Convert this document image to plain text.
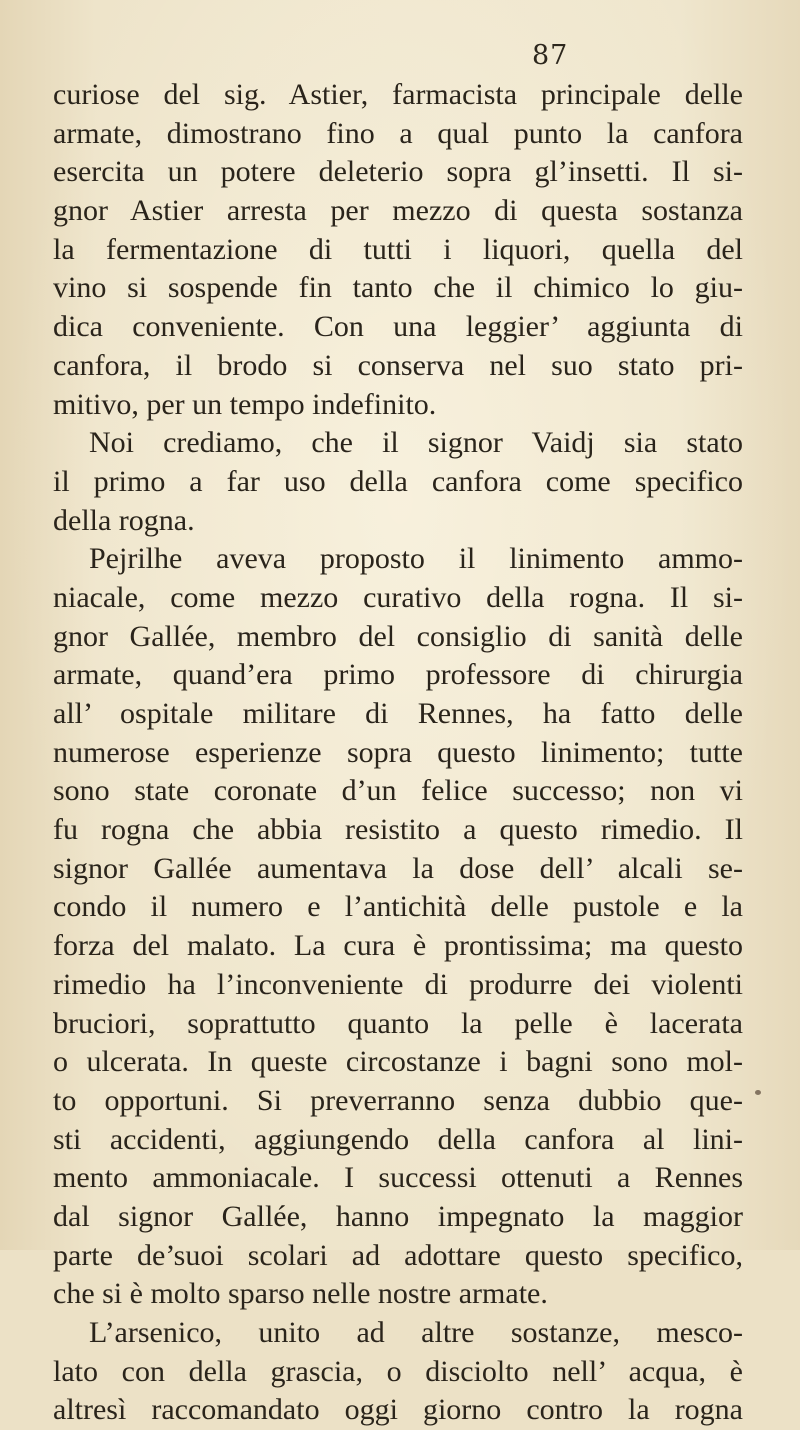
87
curiose del sig. Astier, farmacista principale delle
armate, dimostrano fino a qual punto la canfora
esercita un potere deleterio sopra gl’insetti. Il si-
gnor Astier arresta per mezzo di questa sostanza
la fermentazione di tutti i liquori, quella del
vino si sospende fin tanto che il chimico lo giu-
dica conveniente. Con una leggier’ aggiunta di
canfora, il brodo si conserva nel suo stato pri-
mitivo, per un tempo indefinito.
Noi crediamo, che il signor Vaidj sia stato
il primo a far uso della canfora come specifico
della rogna.
Pejrilhe aveva proposto il linimento ammo-
niacale, come mezzo curativo della rogna. Il si-
gnor Gallée, membro del consiglio di sanità delle
armate, quand’era primo professore di chirurgia
all’ ospitale militare di Rennes, ha fatto delle
numerose esperienze sopra questo linimento; tutte
sono state coronate d’un felice successo; non vi
fu rogna che abbia resistito a questo rimedio. Il
signor Gallée aumentava la dose dell’ alcali se-
condo il numero e l’antichità delle pustole e la
forza del malato. La cura è prontissima; ma questo
rimedio ha l’inconveniente di produrre dei violenti
bruciori, soprattutto quanto la pelle è lacerata
o ulcerata. In queste circostanze i bagni sono mol-
to opportuni. Si preverranno senza dubbio que-
sti accidenti, aggiungendo della canfora al lini-
mento ammoniacale. I successi ottenuti a Rennes
dal signor Gallée, hanno impegnato la maggior
parte de’suoi scolari ad adottare questo specifico,
che si è molto sparso nelle nostre armate.
L’arsenico, unito ad altre sostanze, mesco-
lato con della grascia, o disciolto nell’ acqua, è
altresì raccomandato oggi giorno contro la rogna
